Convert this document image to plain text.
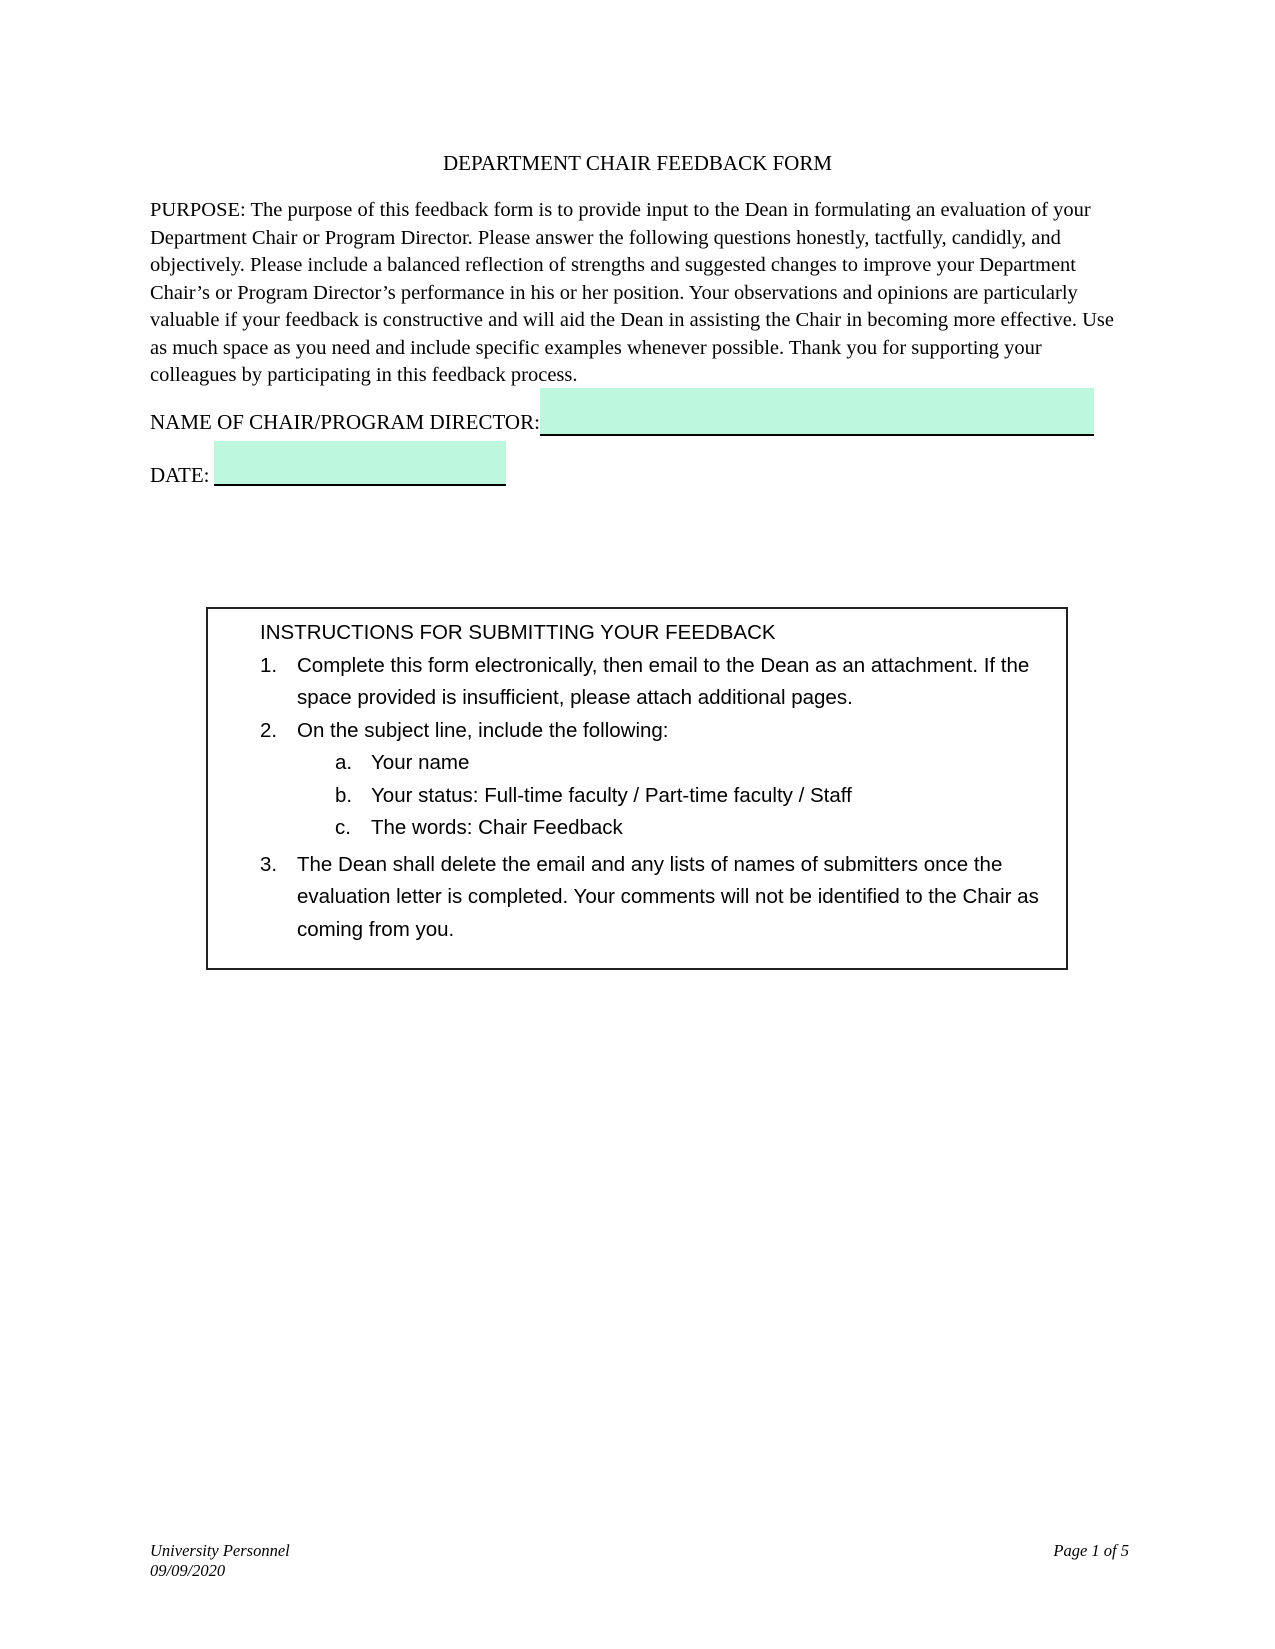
DEPARTMENT CHAIR FEEDBACK FORM

PURPOSE: The purpose of this feedback form is to provide input to the Dean in formulating an evaluation of your Department Chair or Program Director. Please answer the following questions honestly, tactfully, candidly, and objectively. Please include a balanced reflection of strengths and suggested changes to improve your Department Chair’s or Program Director’s performance in his or her position. Your observations and opinions are particularly valuable if your feedback is constructive and will aid the Dean in assisting the Chair in becoming more effective. Use as much space as you need and include specific examples whenever possible. Thank you for supporting your colleagues by participating in this feedback process.

NAME OF CHAIR/PROGRAM DIRECTOR:
DATE:
INSTRUCTIONS FOR SUBMITTING YOUR FEEDBACK
1. Complete this form electronically, then email to the Dean as an attachment. If the space provided is insufficient, please attach additional pages.
2. On the subject line, include the following:
a. Your name
b. Your status: Full-time faculty / Part-time faculty / Staff
c. The words: Chair Feedback
3. The Dean shall delete the email and any lists of names of submitters once the evaluation letter is completed. Your comments will not be identified to the Chair as coming from you.
University Personnel
09/09/2020
Page 1 of 5
